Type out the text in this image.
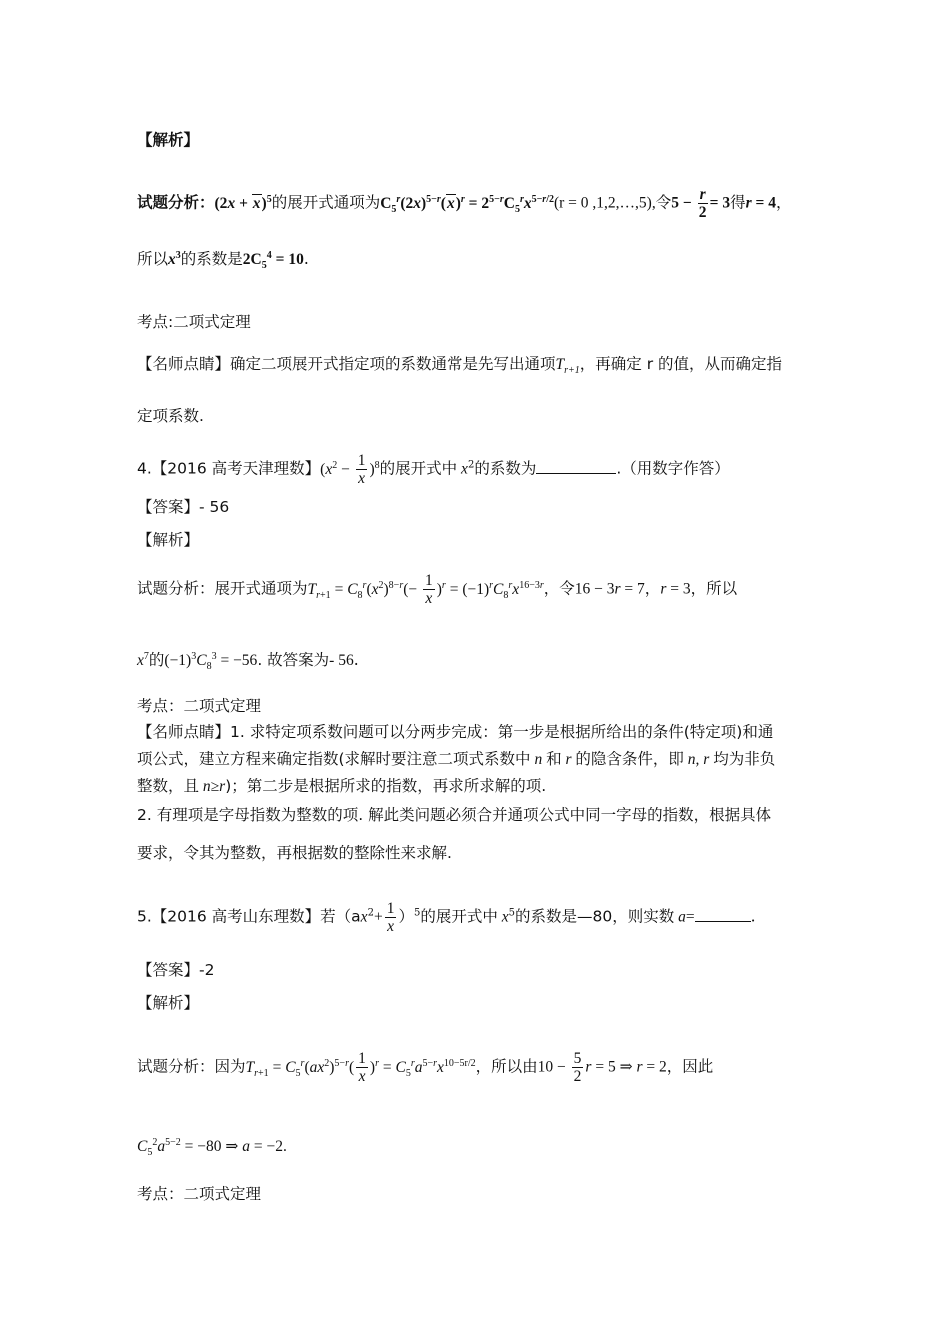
【解析】
试题分析：$(2x + x)^5$的展开式通项为$C_5^r(2x)^{5-r}(x)^r = 2^{5-r}C_5^rx^{5-r/2}(r = 0$ ,1,2,…,5),令$5 - \frac{r}{2} = 3$得r = 4，
所以$x^3$的系数是$2C_5^4 = 10$.
考点:二项式定理
【名师点睛】确定二项展开式指定项的系数通常是先写出通项$T_{r+1}$，再确定 r 的值，从而确定指
定项系数.
4.【2016 高考天津理数】$(x^2 - \frac{1}{x} )^8$的展开式中 $x^2$的系数为	.（用数字作答）
【答案】- 56
【解析】
试题分析：展开式通项为$T_{r+1} = C_8^r(x^2)^{8-r}(- \frac{1}{x} )^r = (-1)^rC_8^rx^{16-3r}$，令16 − 3r = 7，r = 3，所以
$x^7$的$(-1)^3C_8^3 = -56$. 故答案为- 56.
考点：二项式定理
【名师点睛】1. 求特定项系数问题可以分两步完成：第一步是根据所给出的条件(特定项)和通
项公式，建立方程来确定指数(求解时要注意二项式系数中 n 和 r 的隐含条件，即 n, r 均为非负
整数，且 n≥r)；第二步是根据所求的指数，再求所求解的项.
2. 有理项是字母指数为整数的项. 解此类问题必须合并通项公式中同一字母的指数，根据具体
要求，令其为整数，再根据数的整除性来求解.
5.【2016 高考山东理数】若$(ax^2+ \frac{1}{x} )^5$的展开式中 $x^5$的系数是—80，则实数 a=	.
【答案】-2
【解析】
试题分析：因为$T_{r+1} = C_5^r(ax^2)^{5-r}( \frac{1}{x} )^r = C_5^ra^{5-r}x^{10-5r/2}$，所以由$10 - \frac{5}{2}$ r = 5 ⇒ r = 2，因此
$C_5^2a^{5-2} = -80$ ⇒ a = −2.
考点：二项式定理
